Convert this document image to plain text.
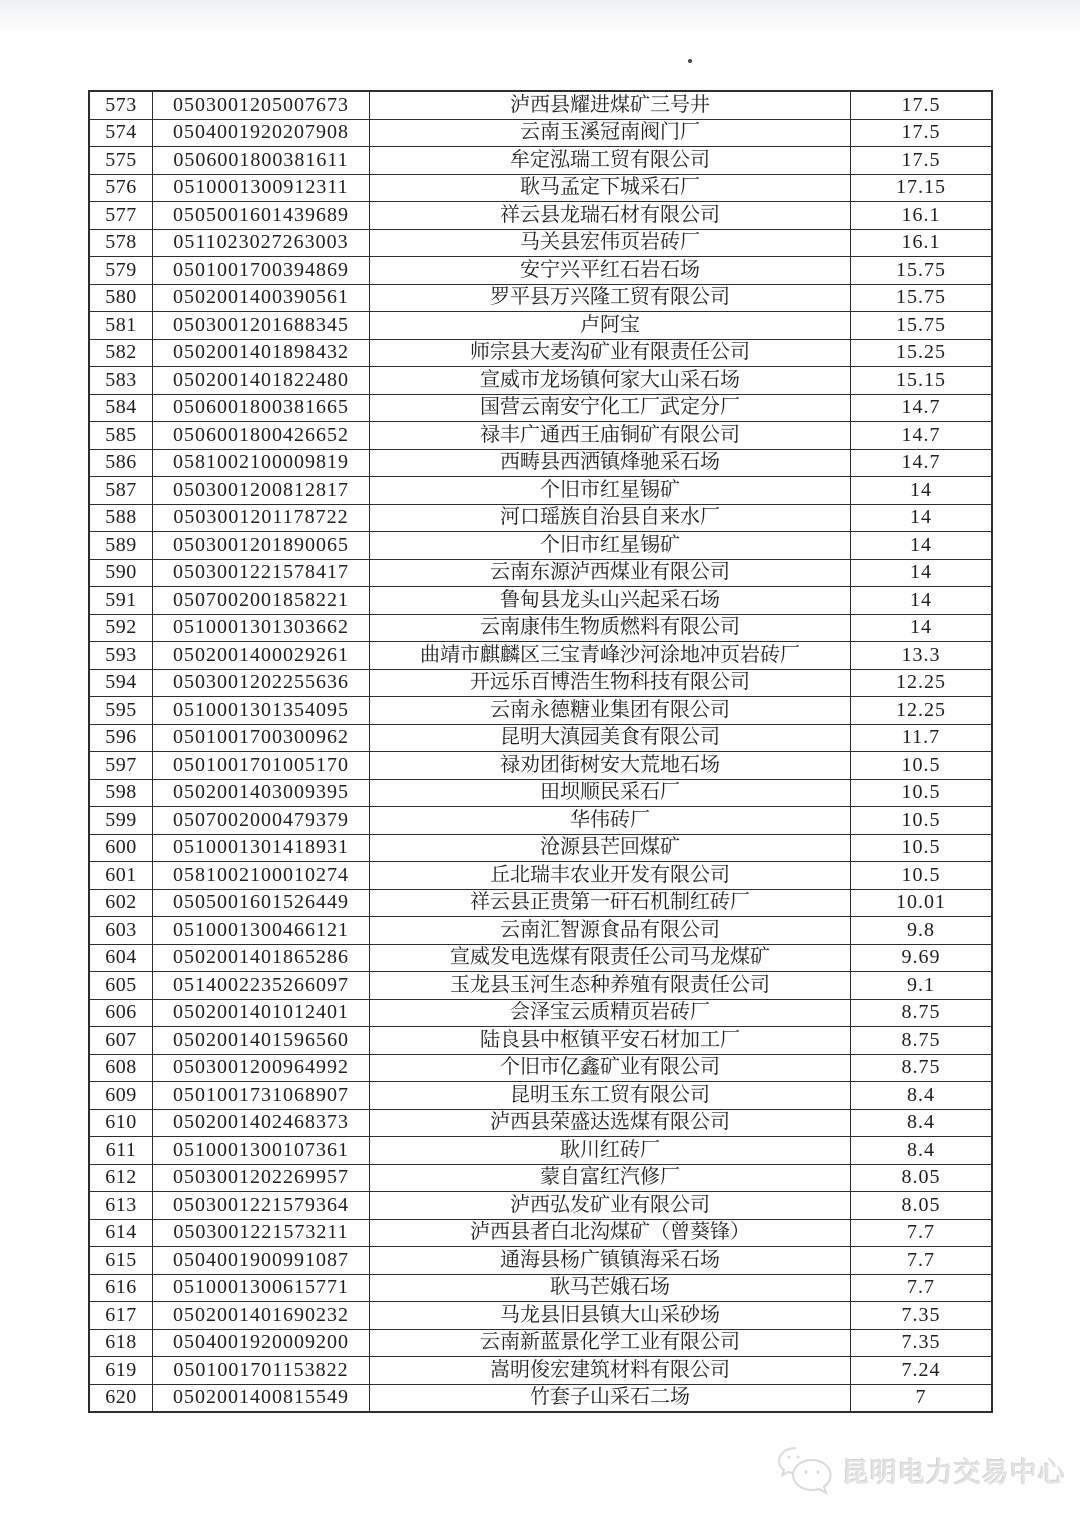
573	0503001205007673	泸西县耀进煤矿三号井	17.5
574	0504001920207908	云南玉溪冠南阀门厂	17.5
575	0506001800381611	牟定泓瑞工贸有限公司	17.5
576	0510001300912311	耿马孟定下城采石厂	17.15
577	0505001601439689	祥云县龙瑞石材有限公司	16.1
578	0511023027263003	马关县宏伟页岩砖厂	16.1
579	0501001700394869	安宁兴平红石岩石场	15.75
580	0502001400390561	罗平县万兴隆工贸有限公司	15.75
581	0503001201688345	卢阿宝	15.75
582	0502001401898432	师宗县大麦沟矿业有限责任公司	15.25
583	0502001401822480	宣威市龙场镇何家大山采石场	15.15
584	0506001800381665	国营云南安宁化工厂武定分厂	14.7
585	0506001800426652	禄丰广通西王庙铜矿有限公司	14.7
586	0581002100009819	西畴县西洒镇烽驰采石场	14.7
587	0503001200812817	个旧市红星锡矿	14
588	0503001201178722	河口瑶族自治县自来水厂	14
589	0503001201890065	个旧市红星锡矿	14
590	0503001221578417	云南东源泸西煤业有限公司	14
591	0507002001858221	鲁甸县龙头山兴起采石场	14
592	0510001301303662	云南康伟生物质燃料有限公司	14
593	0502001400029261	曲靖市麒麟区三宝青峰沙河涂地冲页岩砖厂	13.3
594	0503001202255636	开远乐百博浩生物科技有限公司	12.25
595	0510001301354095	云南永德糖业集团有限公司	12.25
596	0501001700300962	昆明大滇园美食有限公司	11.7
597	0501001701005170	禄劝团街树安大荒地石场	10.5
598	0502001403009395	田坝顺民采石厂	10.5
599	0507002000479379	华伟砖厂	10.5
600	0510001301418931	沧源县芒回煤矿	10.5
601	0581002100010274	丘北瑞丰农业开发有限公司	10.5
602	0505001601526449	祥云县正贵第一矸石机制红砖厂	10.01
603	0510001300466121	云南汇智源食品有限公司	9.8
604	0502001401865286	宣威发电选煤有限责任公司马龙煤矿	9.69
605	0514002235266097	玉龙县玉河生态种养殖有限责任公司	9.1
606	0502001401012401	会泽宝云质精页岩砖厂	8.75
607	0502001401596560	陆良县中枢镇平安石材加工厂	8.75
608	0503001200964992	个旧市亿鑫矿业有限公司	8.75
609	0501001731068907	昆明玉东工贸有限公司	8.4
610	0502001402468373	泸西县荣盛达选煤有限公司	8.4
611	0510001300107361	耿川红砖厂	8.4
612	0503001202269957	蒙自富红汽修厂	8.05
613	0503001221579364	泸西弘发矿业有限公司	8.05
614	0503001221573211	泸西县者白北沟煤矿（曾葵锋）	7.7
615	0504001900991087	通海县杨广镇镇海采石场	7.7
616	0510001300615771	耿马芒娥石场	7.7
617	0502001401690232	马龙县旧县镇大山采砂场	7.35
618	0504001920009200	云南新蓝景化学工业有限公司	7.35
619	0501001701153822	嵩明俊宏建筑材料有限公司	7.24
620	0502001400815549	竹套子山采石二场	7
昆明电力交易中心
